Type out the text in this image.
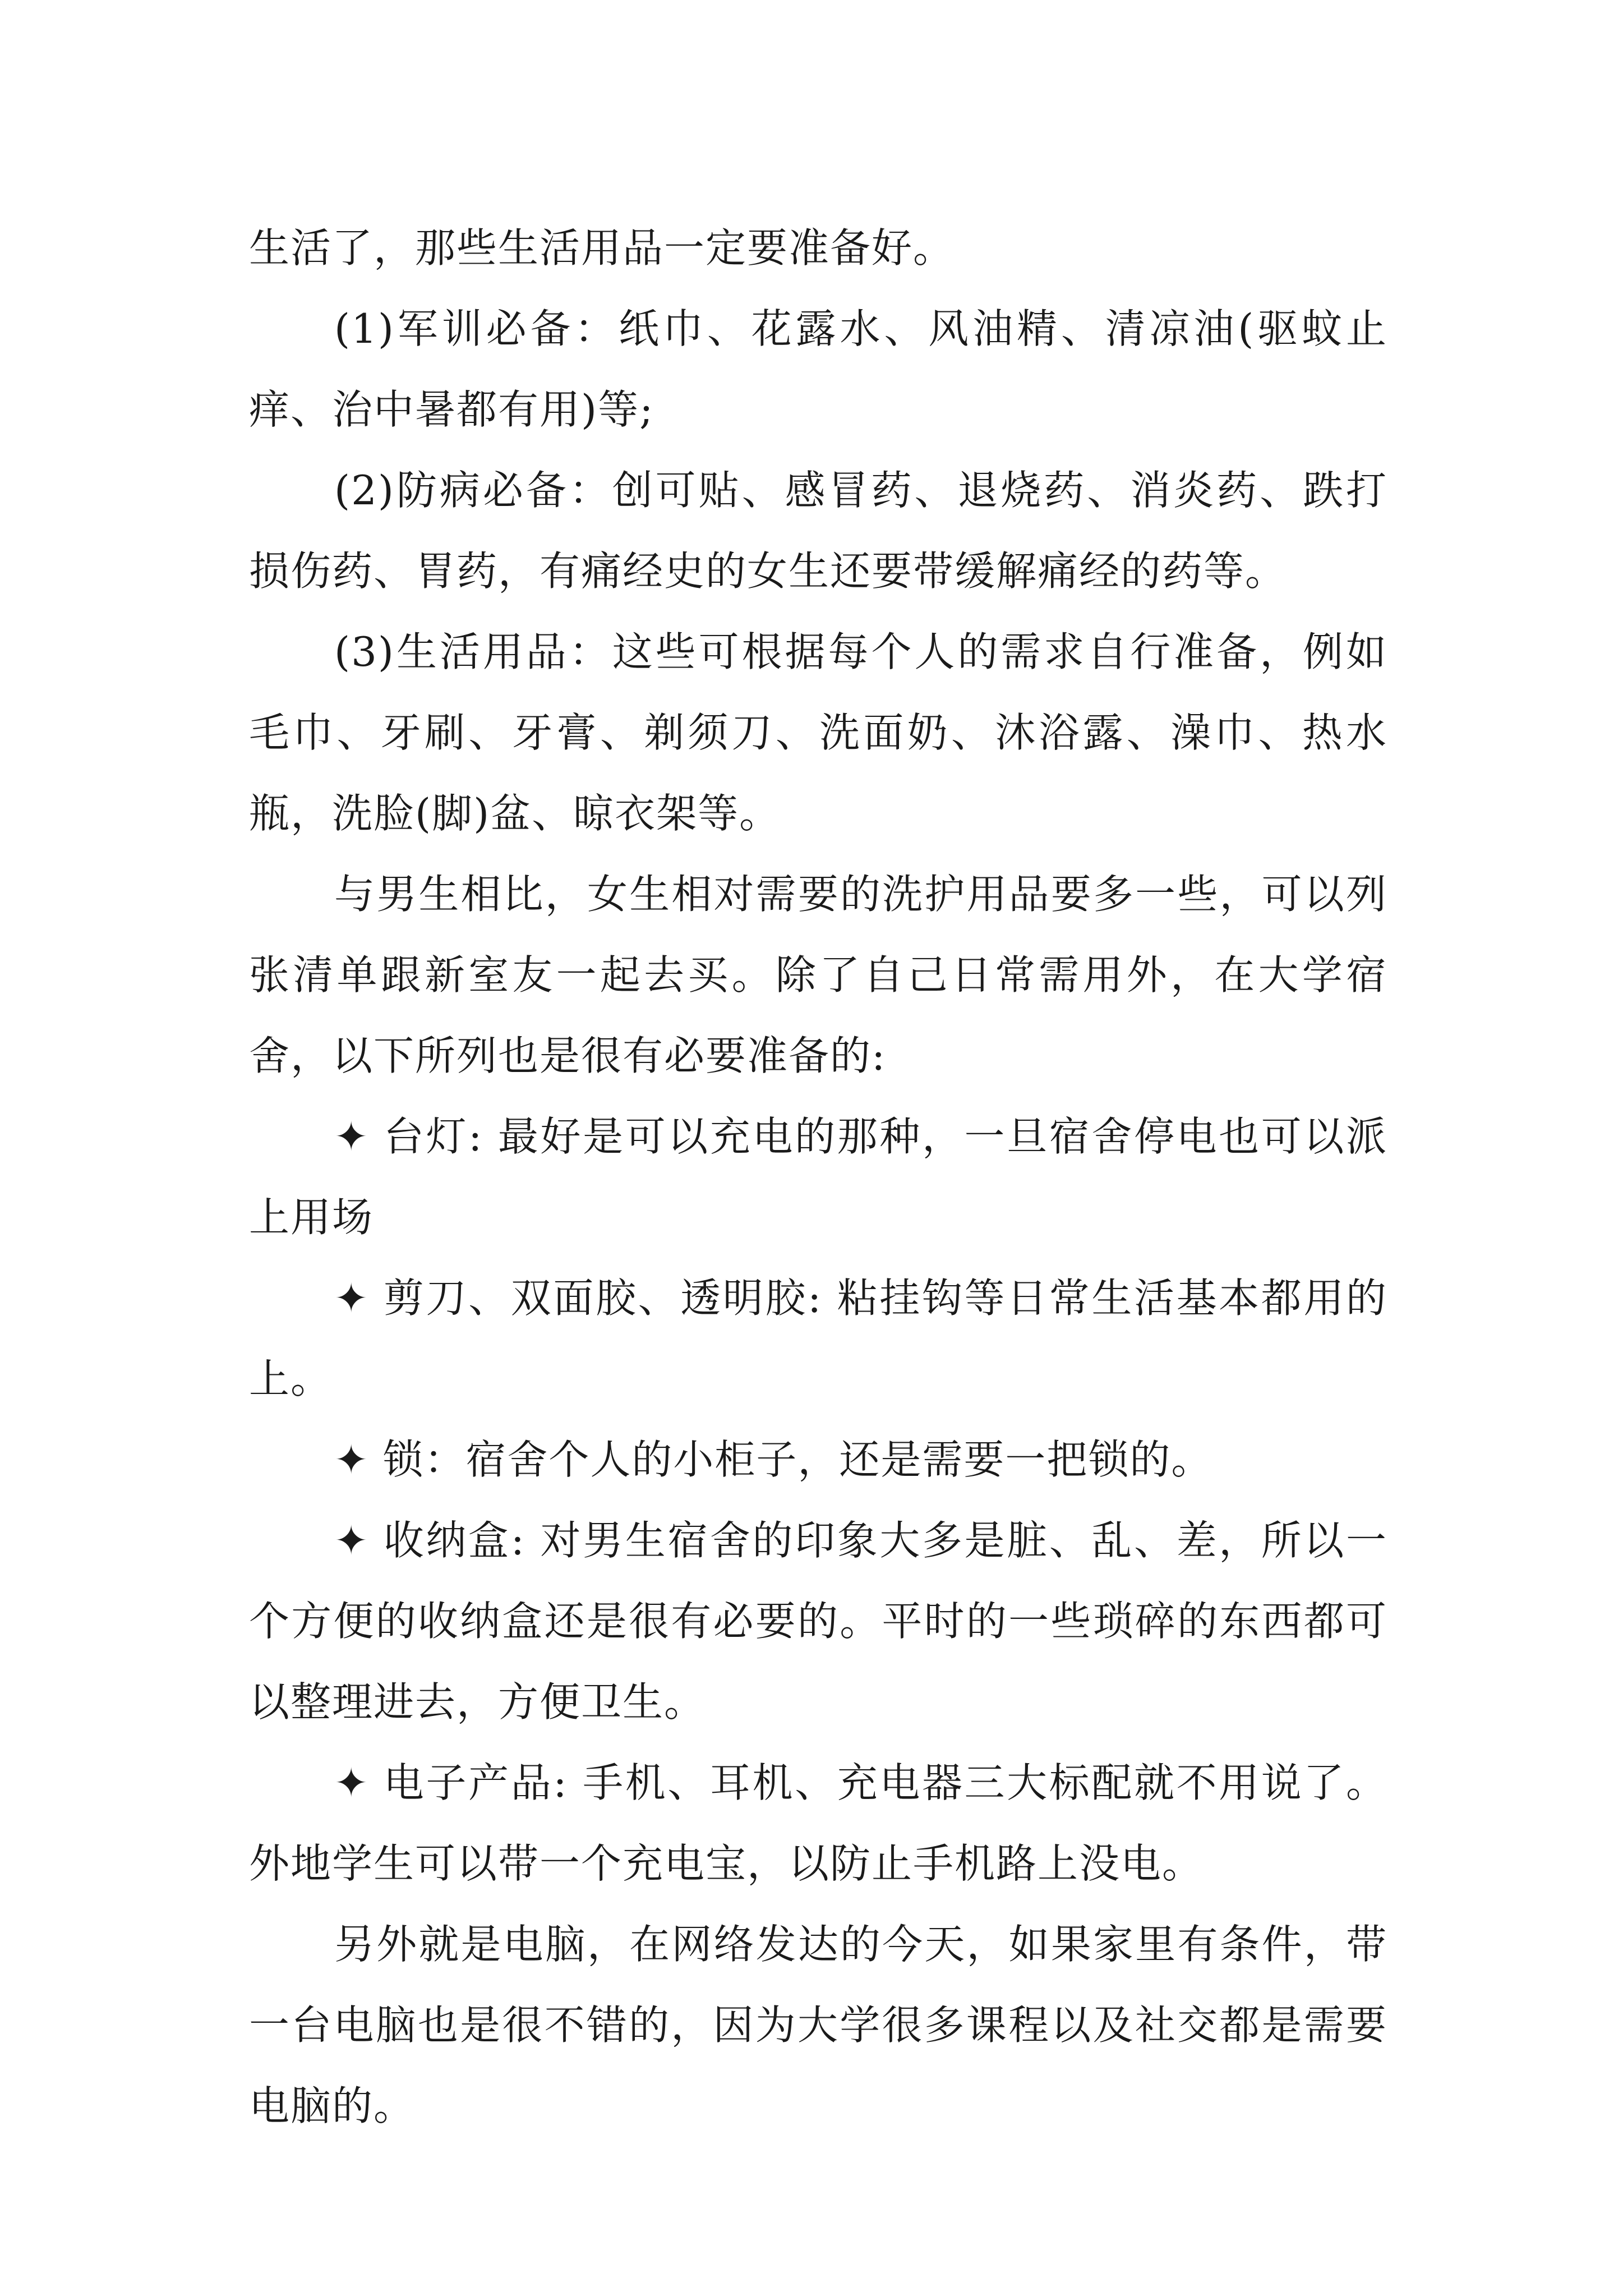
生活了，那些生活用品一定要准备好。

(1)军训必备：纸巾、花露水、风油精、清凉油(驱蚊止痒、治中暑都有用)等;

(2)防病必备：创可贴、感冒药、退烧药、消炎药、跌打损伤药、胃药，有痛经史的女生还要带缓解痛经的药等。

(3)生活用品：这些可根据每个人的需求自行准备，例如毛巾、牙刷、牙膏、剃须刀、洗面奶、沐浴露、澡巾、热水瓶，洗脸(脚)盆、晾衣架等。

与男生相比，女生相对需要的洗护用品要多一些，可以列张清单跟新室友一起去买。除了自己日常需用外，在大学宿舍，以下所列也是很有必要准备的:

✦ 台灯: 最好是可以充电的那种，一旦宿舍停电也可以派上用场

✦ 剪刀、双面胶、透明胶: 粘挂钩等日常生活基本都用的上。

✦ 锁：宿舍个人的小柜子，还是需要一把锁的。

✦ 收纳盒: 对男生宿舍的印象大多是脏、乱、差，所以一个方便的收纳盒还是很有必要的。平时的一些琐碎的东西都可以整理进去，方便卫生。

✦ 电子产品: 手机、耳机、充电器三大标配就不用说了。外地学生可以带一个充电宝，以防止手机路上没电。

另外就是电脑，在网络发达的今天，如果家里有条件，带一台电脑也是很不错的，因为大学很多课程以及社交都是需要电脑的。
